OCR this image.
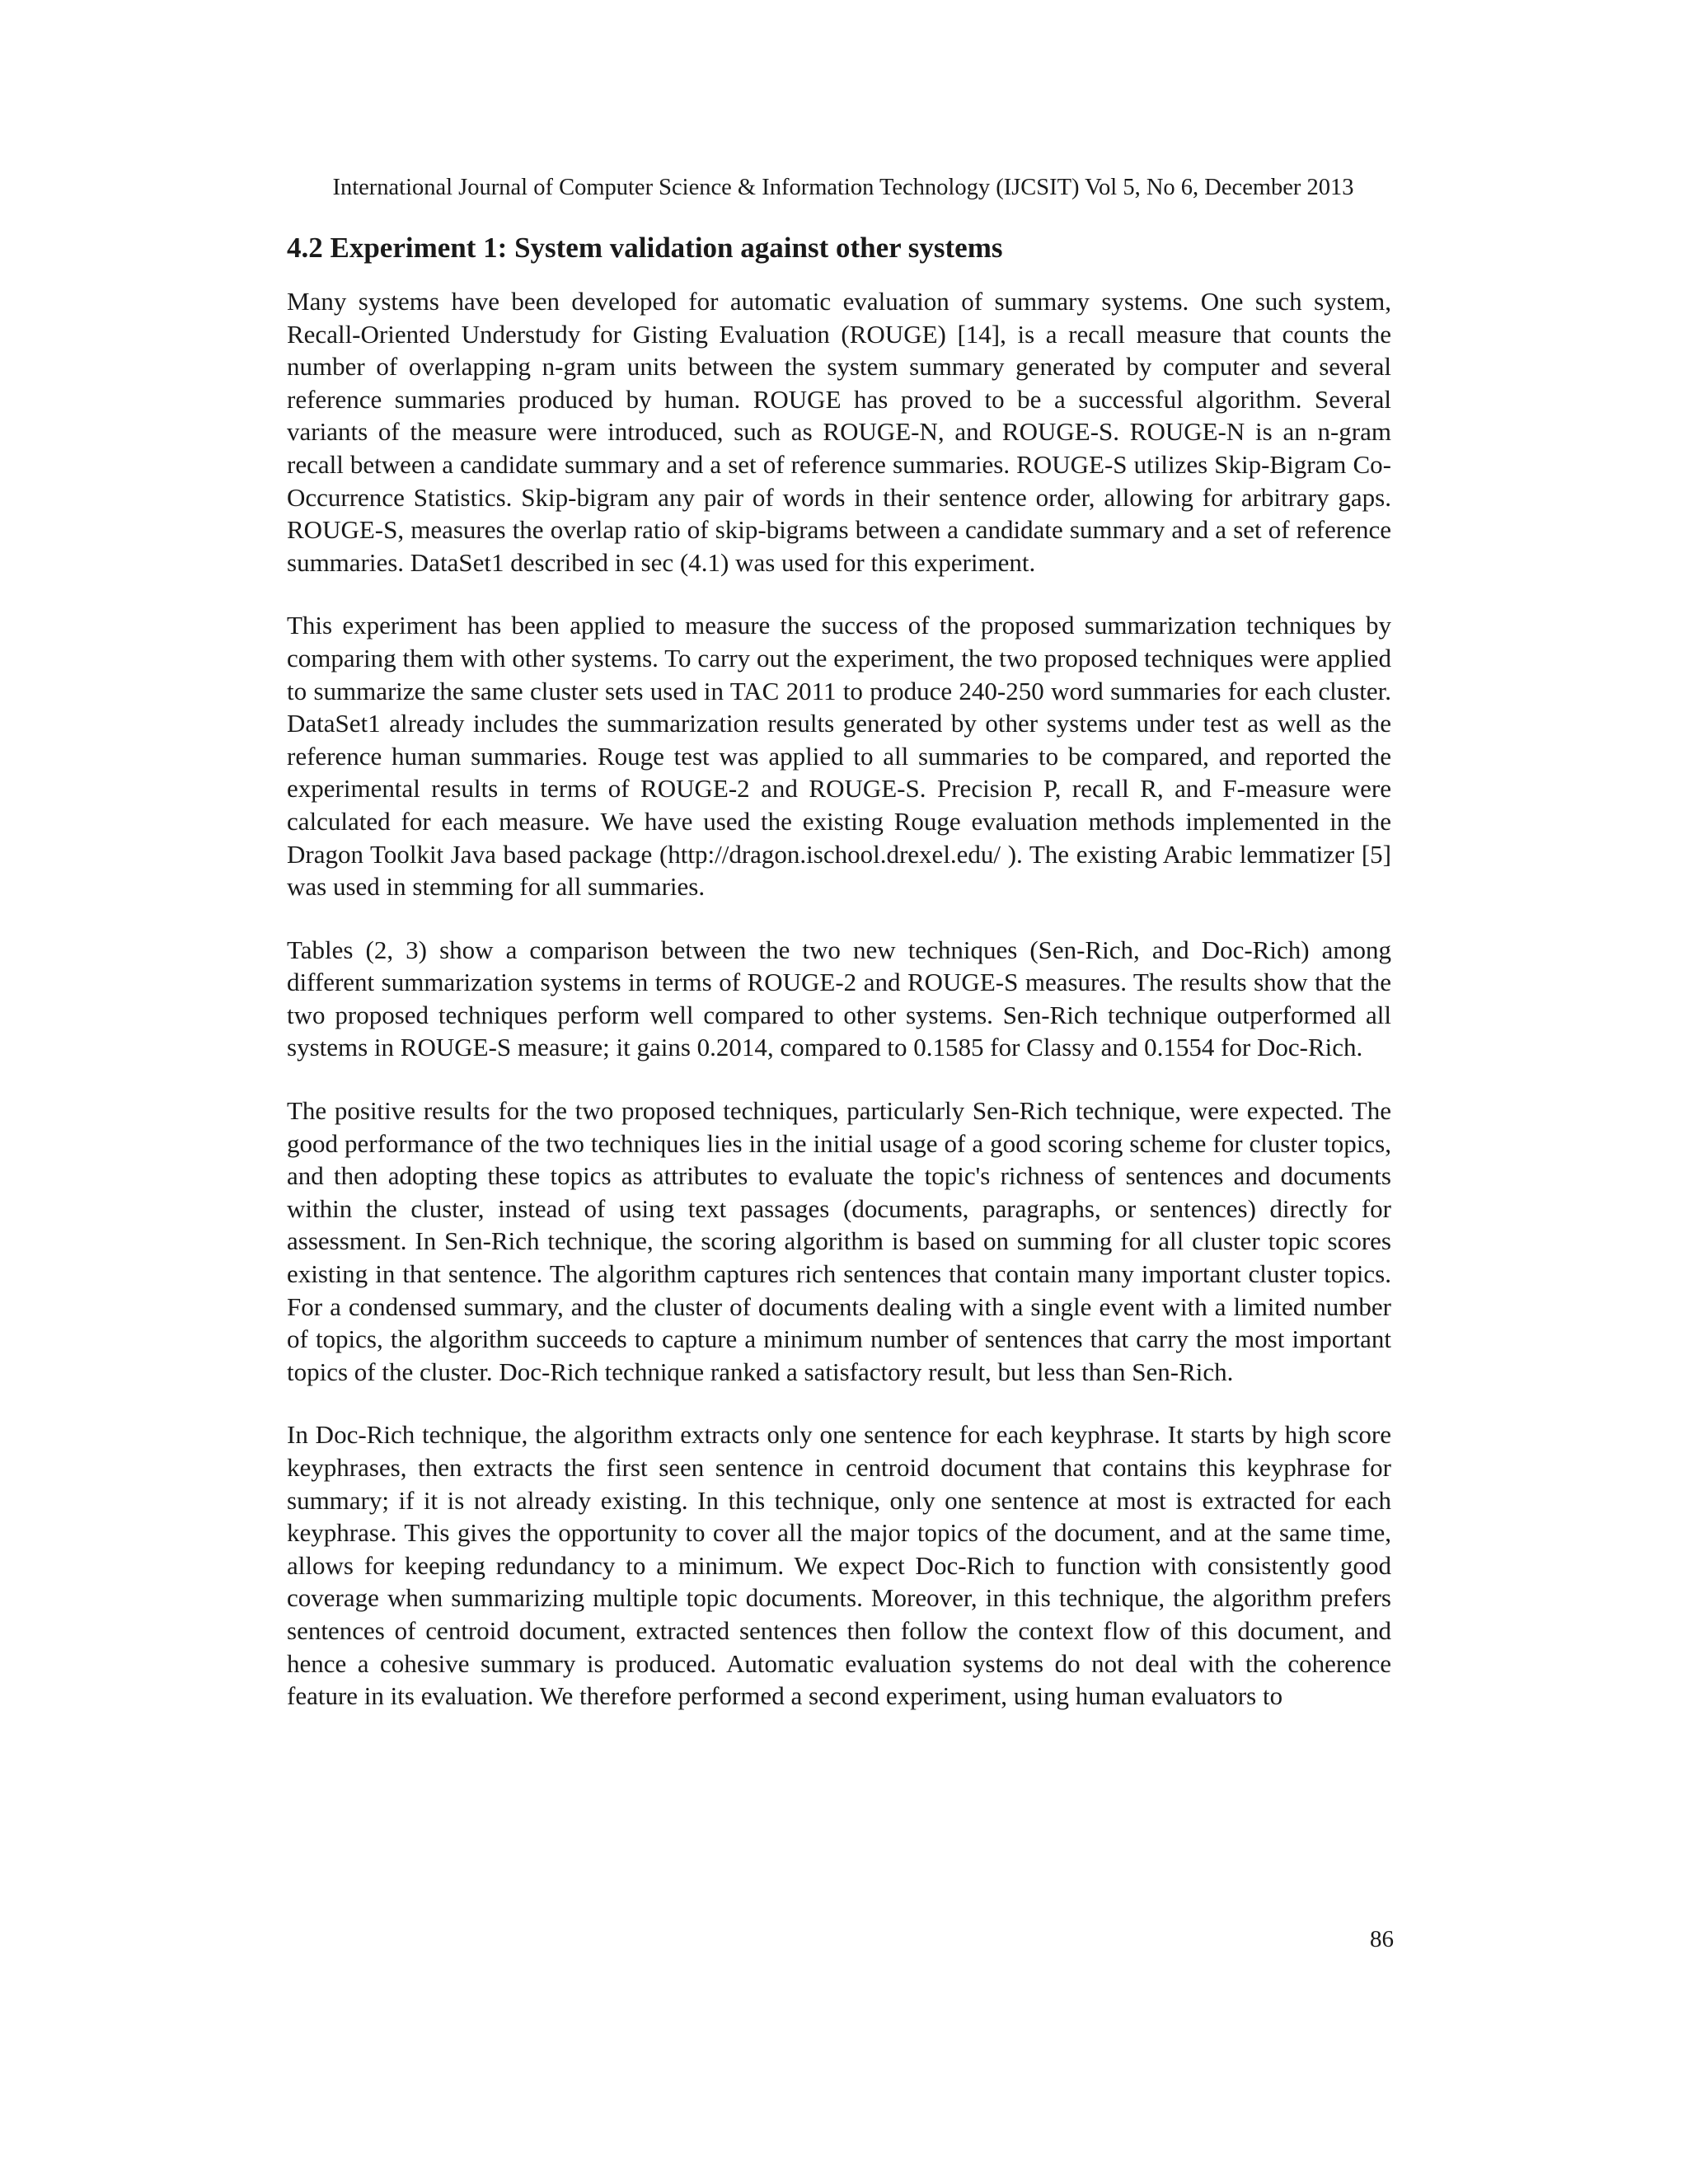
International Journal of Computer Science & Information Technology (IJCSIT) Vol 5, No 6, December 2013

4.2 Experiment 1: System validation against other systems

Many systems have been developed for automatic evaluation of summary systems. One such system, Recall-Oriented Understudy for Gisting Evaluation (ROUGE) [14], is a recall measure that counts the number of overlapping n-gram units between the system summary generated by computer and several reference summaries produced by human. ROUGE has proved to be a successful algorithm. Several variants of the measure were introduced, such as ROUGE-N, and ROUGE-S. ROUGE-N is an n-gram recall between a candidate summary and a set of reference summaries. ROUGE-S utilizes Skip-Bigram Co-Occurrence Statistics. Skip-bigram any pair of words in their sentence order, allowing for arbitrary gaps. ROUGE-S, measures the overlap ratio of skip-bigrams between a candidate summary and a set of reference summaries. DataSet1 described in sec (4.1) was used for this experiment.

This experiment has been applied to measure the success of the proposed summarization techniques by comparing them with other systems. To carry out the experiment, the two proposed techniques were applied to summarize the same cluster sets used in TAC 2011 to produce 240-250 word summaries for each cluster. DataSet1 already includes the summarization results generated by other systems under test as well as the reference human summaries. Rouge test was applied to all summaries to be compared, and reported the experimental results in terms of ROUGE-2 and ROUGE-S. Precision P, recall R, and F-measure were calculated for each measure. We have used the existing Rouge evaluation methods implemented in the Dragon Toolkit Java based package (http://dragon.ischool.drexel.edu/ ). The existing Arabic lemmatizer [5] was used in stemming for all summaries.

Tables (2, 3) show a comparison between the two new techniques (Sen-Rich, and Doc-Rich) among different summarization systems in terms of ROUGE-2 and ROUGE-S measures. The results show that the two proposed techniques perform well compared to other systems. Sen-Rich technique outperformed all systems in ROUGE-S measure; it gains 0.2014, compared to 0.1585 for Classy and 0.1554 for Doc-Rich.

The positive results for the two proposed techniques, particularly Sen-Rich technique, were expected. The good performance of the two techniques lies in the initial usage of a good scoring scheme for cluster topics, and then adopting these topics as attributes to evaluate the topic's richness of sentences and documents within the cluster, instead of using text passages (documents, paragraphs, or sentences) directly for assessment. In Sen-Rich technique, the scoring algorithm is based on summing for all cluster topic scores existing in that sentence. The algorithm captures rich sentences that contain many important cluster topics. For a condensed summary, and the cluster of documents dealing with a single event with a limited number of topics, the algorithm succeeds to capture a minimum number of sentences that carry the most important topics of the cluster. Doc-Rich technique ranked a satisfactory result, but less than Sen-Rich.

In Doc-Rich technique, the algorithm extracts only one sentence for each keyphrase. It starts by high score keyphrases, then extracts the first seen sentence in centroid document that contains this keyphrase for summary; if it is not already existing. In this technique, only one sentence at most is extracted for each keyphrase. This gives the opportunity to cover all the major topics of the document, and at the same time, allows for keeping redundancy to a minimum. We expect Doc-Rich to function with consistently good coverage when summarizing multiple topic documents. Moreover, in this technique, the algorithm prefers sentences of centroid document, extracted sentences then follow the context flow of this document, and hence a cohesive summary is produced. Automatic evaluation systems do not deal with the coherence feature in its evaluation. We therefore performed a second experiment, using human evaluators to

86
